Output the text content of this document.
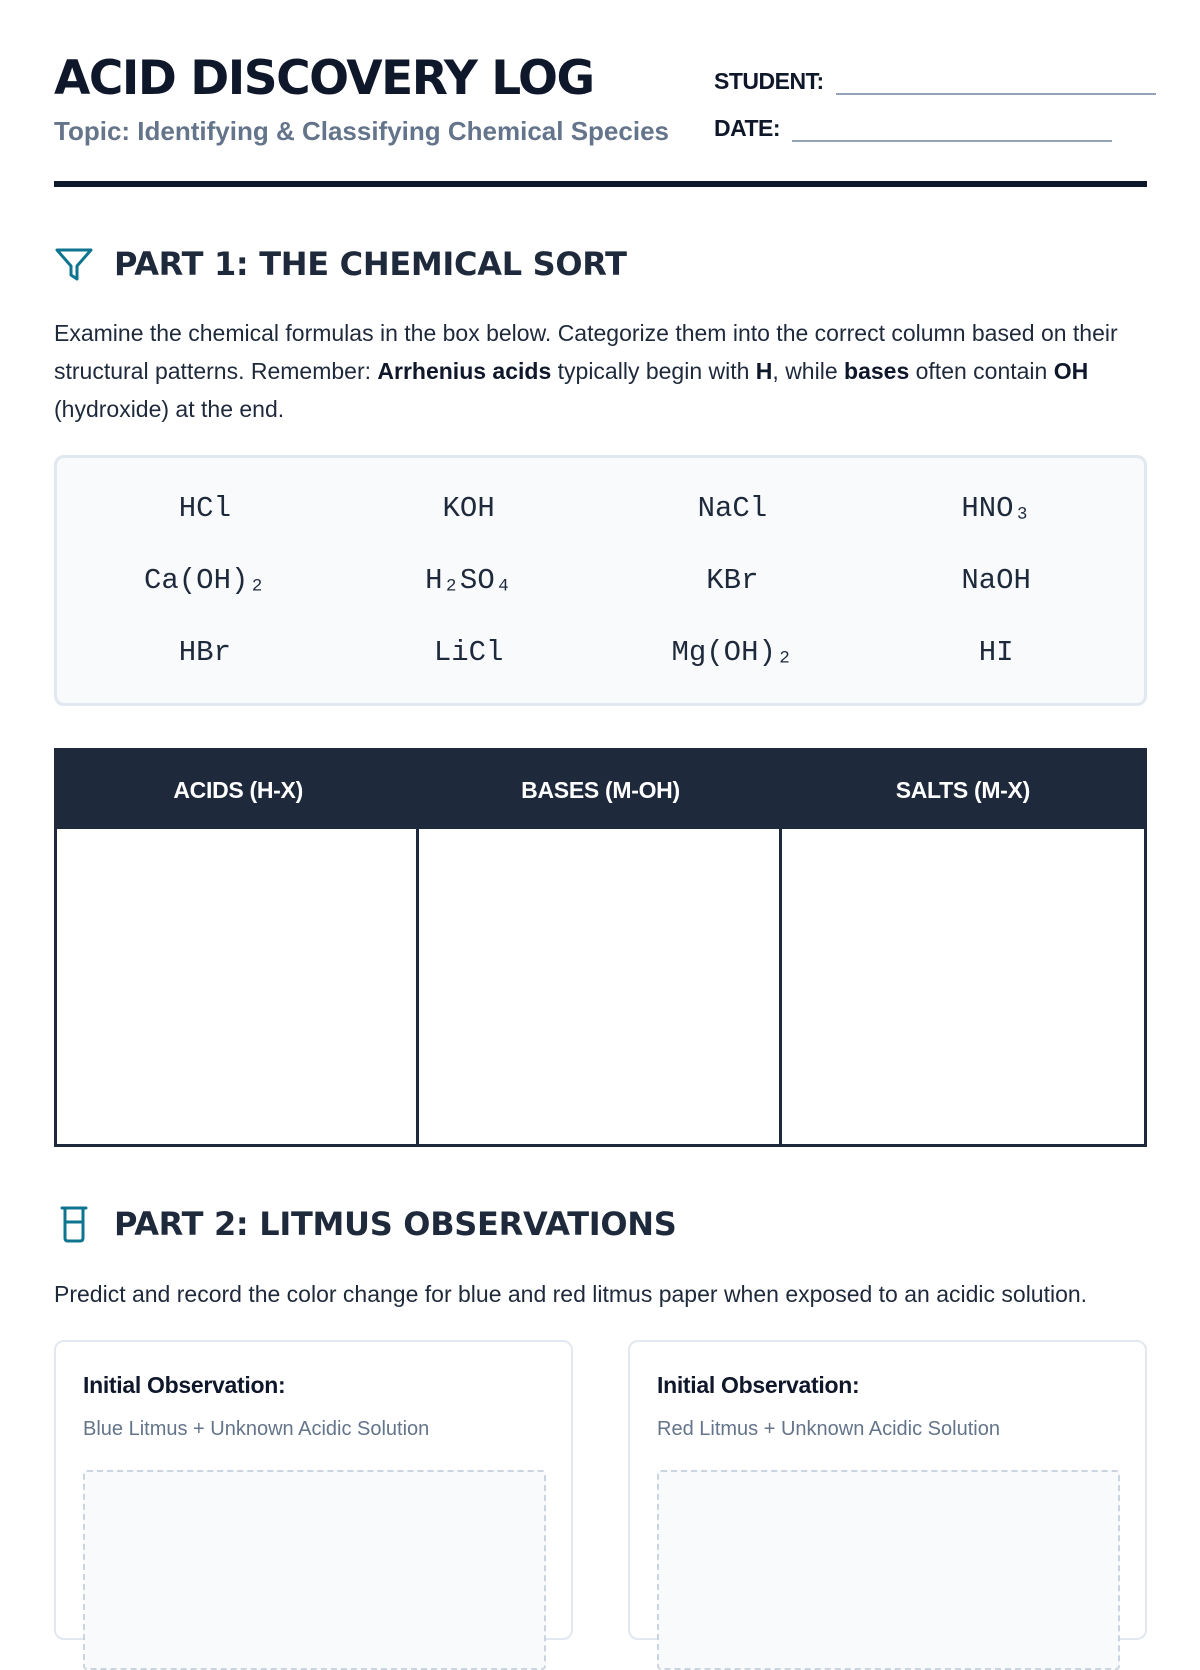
ACID DISCOVERY LOG
Topic: Identifying & Classifying Chemical Species
STUDENT:
DATE:
PART 1: THE CHEMICAL SORT

Examine the chemical formulas in the box below. Categorize them into the correct column based on their structural patterns. Remember: Arrhenius acids typically begin with H, while bases often contain OH (hydroxide) at the end.

HCl	KOH	NaCl	HNO₃
Ca(OH)₂	H₂SO₄	KBr	NaOH
HBr	LiCl	Mg(OH)₂	HI
ACIDS (H-X)	BASES (M-OH)	SALTS (M-X)
PART 2: LITMUS OBSERVATIONS

Predict and record the color change for blue and red litmus paper when exposed to an acidic solution.

Initial Observation:
Blue Litmus + Unknown Acidic Solution
Initial Observation:
Red Litmus + Unknown Acidic Solution
